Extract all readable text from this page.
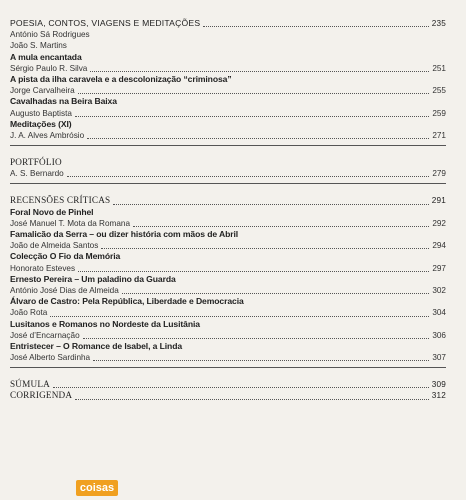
POESIA, CONTOS, VIAGENS E MEDITAÇÕES	235
António Sá Rodrigues
João S. Martins
A mula encantada
Sérgio Paulo R. Silva	251
A pista da ilha caravela e a descolonização “criminosa”
Jorge Carvalheira	255
Cavalhadas na Beira Baixa
Augusto Baptista	259
Meditações (XI)
J. A. Alves Ambrósio	271
PORTFÓLIO
A. S. Bernardo	279
RECENSÕES CRÍTICAS	291
Foral Novo de Pinhel
José Manuel T. Mota da Romana	292
Famalicão da Serra – ou dizer história com mãos de Abril
João de Almeida Santos	294
Colecção O Fio da Memória
Honorato Esteves	297
Ernesto Pereira – Um paladino da Guarda
António José Dias de Almeida	302
Álvaro de Castro: Pela República, Liberdade e Democracia
João Rota	304
Lusitanos e Romanos no Nordeste da Lusitânia
José d’Encarnação	306
Entristecer – O Romance de Isabel, a Linda
José Alberto Sardinha	307
SÚMULA	309
CORRIGENDA	312
coisas
